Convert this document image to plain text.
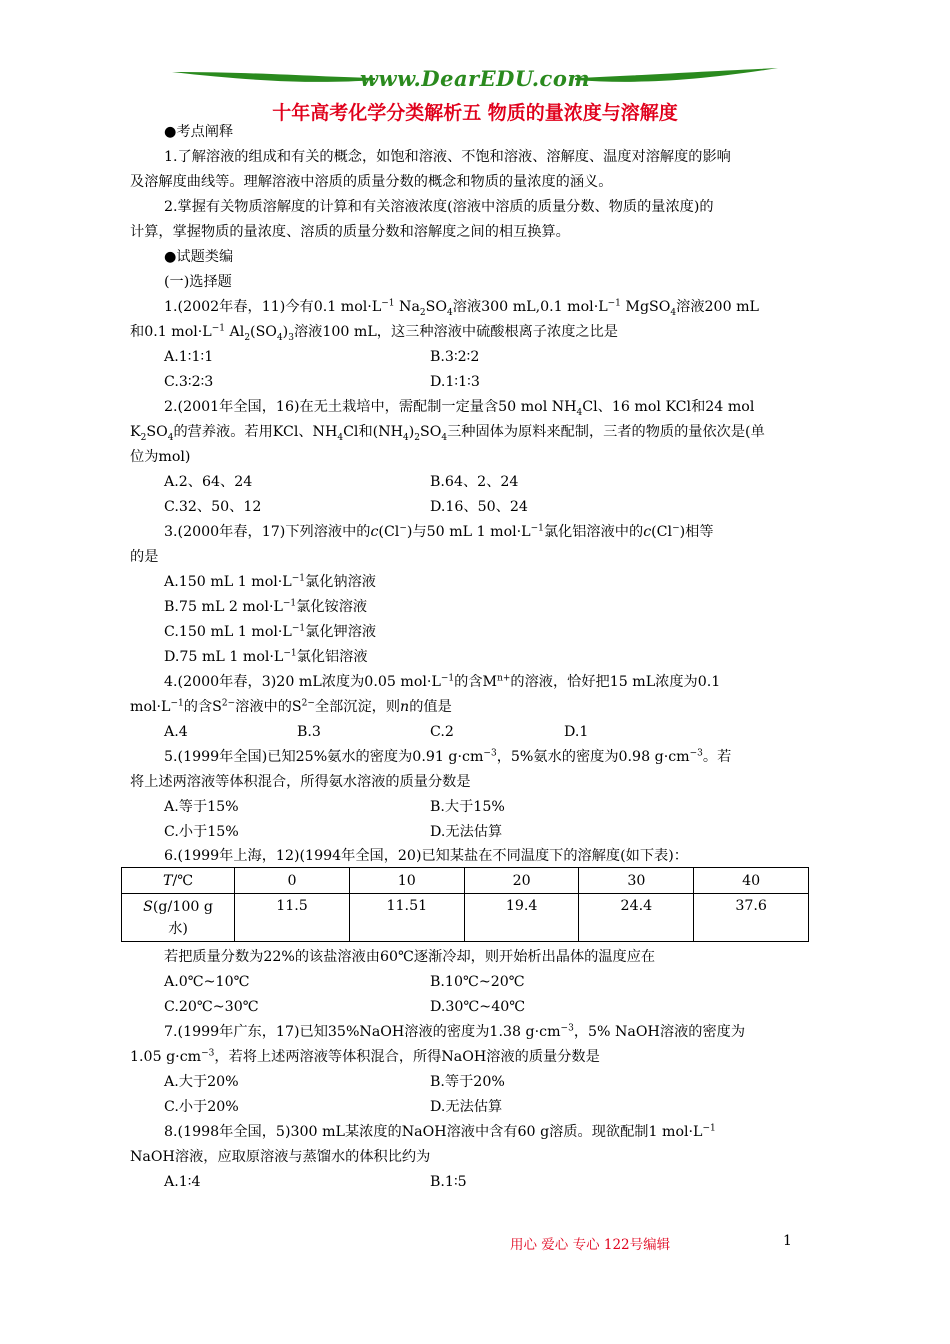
www.DearEDU.com
十年高考化学分类解析五 物质的量浓度与溶解度
●考点阐释
1.了解溶液的组成和有关的概念，如饱和溶液、不饱和溶液、溶解度、温度对溶解度的影响
及溶解度曲线等。理解溶液中溶质的质量分数的概念和物质的量浓度的涵义。
2.掌握有关物质溶解度的计算和有关溶液浓度(溶液中溶质的质量分数、物质的量浓度)的
计算，掌握物质的量浓度、溶质的质量分数和溶解度之间的相互换算。
●试题类编
(一)选择题
1.(2002年春，11)今有0.1 $mol\cdot L^{-1}$ $Na_2SO_4$溶液300 mL,0.1 $mol\cdot L^{-1}$ MgSO$_4$溶液200 mL
和0.1 $mol\cdot L^{-1}$ $Al_2(SO_4)_3$溶液100 mL，这三种溶液中硫酸根离子浓度之比是
A.1∶1∶1	B.3∶2∶2
C.3∶2∶3	D.1∶1∶3
2.(2001年全国，16)在无土栽培中，需配制一定量含50 mol $NH_4Cl$、16 mol KCl和24 mol
$K_2SO_4$的营养液。若用KCl、$NH_4Cl$和$(NH_4)_2SO_4$三种固体为原料来配制，三者的物质的量依次是(单
位为mol)
A.2、64、24	B.64、2、24
C.32、50、12	D.16、50、24
3.(2000年春，17)下列溶液中的c(Cl−)与50 mL 1 $mol\cdot L^{-1}$氯化铝溶液中的c(Cl−)相等
的是
A.150 mL 1 $mol\cdot L^{-1}$氯化钠溶液
B.75 mL 2 $mol\cdot L^{-1}$氯化铵溶液
C.150 mL 1 $mol\cdot L^{-1}$氯化钾溶液
D.75 mL 1 $mol\cdot L^{-1}$氯化铝溶液
4.(2000年春，3)20 mL浓度为0.05 $mol\cdot L^{-1}$的含$M^{n+}$的溶液，恰好把15 mL浓度为0.1
$mol\cdot L^{-1}$的含$S^{2-}$溶液中的$S^{2-}$全部沉淀，则n的值是
A.4	B.3	C.2	D.1
5.(1999年全国)已知25%氨水的密度为0.91 $g\cdot cm^{-3}$，5%氨水的密度为0.98 $g\cdot cm^{-3}$。若
将上述两溶液等体积混合，所得氨水溶液的质量分数是
A.等于15%	B.大于15%
C.小于15%	D.无法估算
6.(1999年上海，12)(1994年全国，20)已知某盐在不同温度下的溶解度(如下表)：
T/℃	0	10	20	30	40
S(g/100 g
水)	11.5	11.51	19.4	24.4	37.6
若把质量分数为22%的该盐溶液由60℃逐渐冷却，则开始析出晶体的温度应在
A.0℃~10℃	B.10℃~20℃
C.20℃~30℃	D.30℃~40℃
7.(1999年广东，17)已知35%NaOH溶液的密度为1.38 $g\cdot cm^{-3}$，5% NaOH溶液的密度为
1.05 $g\cdot cm^{-3}$，若将上述两溶液等体积混合，所得NaOH溶液的质量分数是
A.大于20%	B.等于20%
C.小于20%	D.无法估算
8.(1998年全国，5)300 mL某浓度的NaOH溶液中含有60 g溶质。现欲配制1 $mol\cdot L^{-1}$
NaOH溶液，应取原溶液与蒸馏水的体积比约为
A.1∶4	B.1∶5
用心 爱心 专心 122号编辑	1
